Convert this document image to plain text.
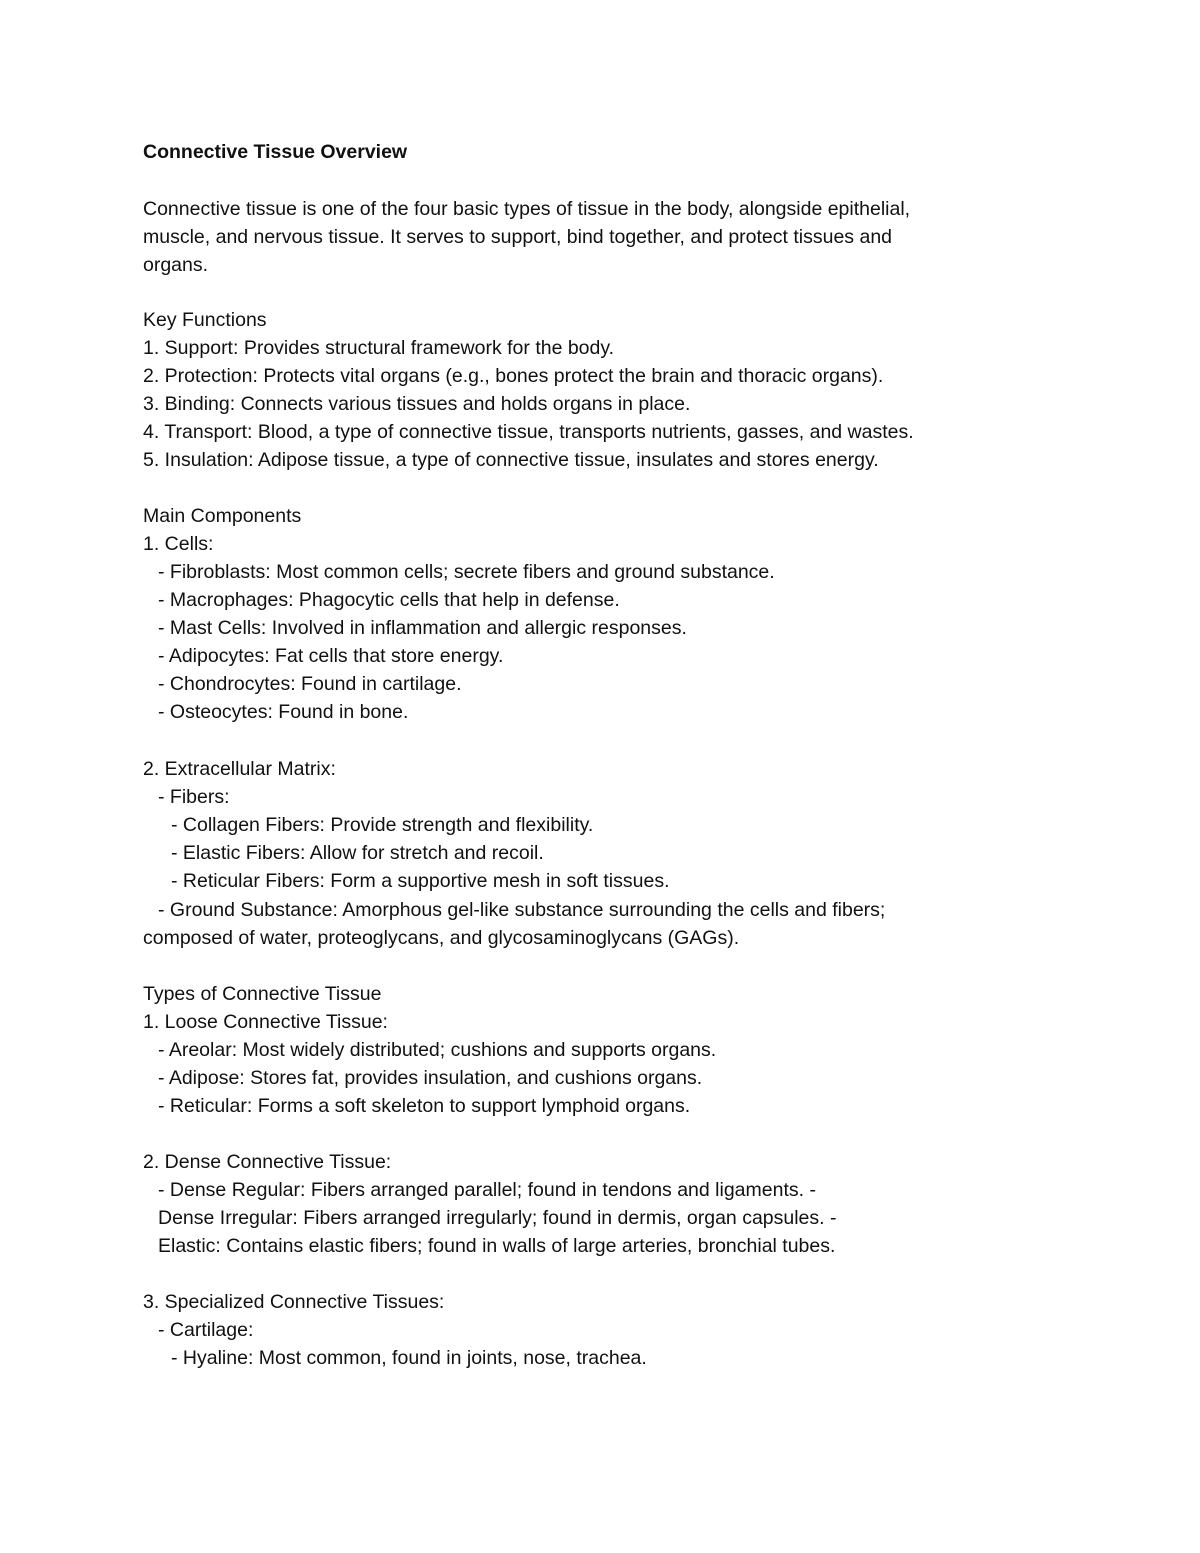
Connective Tissue Overview
Connective tissue is one of the four basic types of tissue in the body, alongside epithelial,
muscle, and nervous tissue. It serves to support, bind together, and protect tissues and
organs.
Key Functions
1. Support: Provides structural framework for the body.
2. Protection: Protects vital organs (e.g., bones protect the brain and thoracic organs).
3. Binding: Connects various tissues and holds organs in place.
4. Transport: Blood, a type of connective tissue, transports nutrients, gasses, and wastes.
5. Insulation: Adipose tissue, a type of connective tissue, insulates and stores energy.
Main Components
1. Cells:
- Fibroblasts: Most common cells; secrete fibers and ground substance.
- Macrophages: Phagocytic cells that help in defense.
- Mast Cells: Involved in inflammation and allergic responses.
- Adipocytes: Fat cells that store energy.
- Chondrocytes: Found in cartilage.
- Osteocytes: Found in bone.
2. Extracellular Matrix:
- Fibers:
- Collagen Fibers: Provide strength and flexibility.
- Elastic Fibers: Allow for stretch and recoil.
- Reticular Fibers: Form a supportive mesh in soft tissues.
- Ground Substance: Amorphous gel-like substance surrounding the cells and fibers;
composed of water, proteoglycans, and glycosaminoglycans (GAGs).
Types of Connective Tissue
1. Loose Connective Tissue:
- Areolar: Most widely distributed; cushions and supports organs.
- Adipose: Stores fat, provides insulation, and cushions organs.
- Reticular: Forms a soft skeleton to support lymphoid organs.
2. Dense Connective Tissue:
- Dense Regular: Fibers arranged parallel; found in tendons and ligaments. -
Dense Irregular: Fibers arranged irregularly; found in dermis, organ capsules. -
Elastic: Contains elastic fibers; found in walls of large arteries, bronchial tubes.
3. Specialized Connective Tissues:
- Cartilage:
- Hyaline: Most common, found in joints, nose, trachea.
